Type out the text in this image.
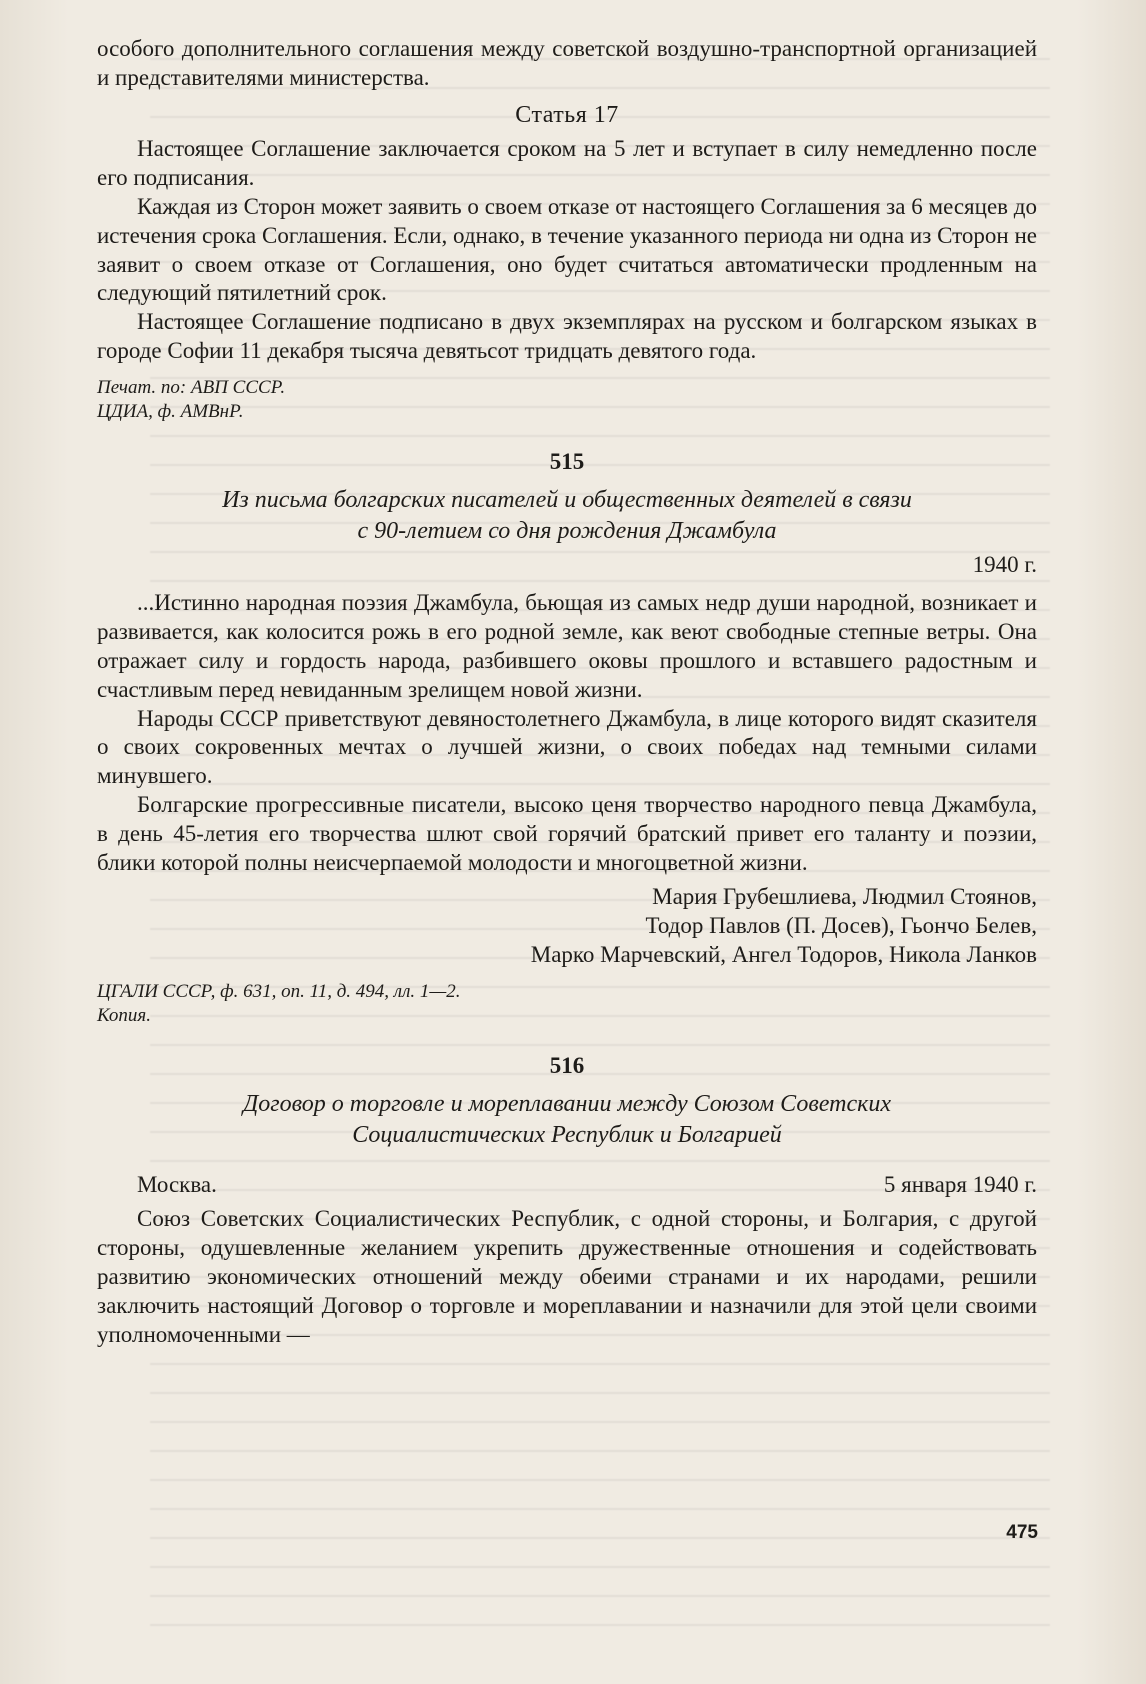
особого дополнительного соглашения между советской воздушно-транспортной организацией и представителями министерства.

Статья 17

Настоящее Соглашение заключается сроком на 5 лет и вступает в силу немедленно после его подписания.

Каждая из Сторон может заявить о своем отказе от настоящего Соглашения за 6 месяцев до истечения срока Соглашения. Если, однако, в течение указанного периода ни одна из Сторон не заявит о своем отказе от Соглашения, оно будет считаться автоматически продленным на следующий пятилетний срок.

Настоящее Соглашение подписано в двух экземплярах на русском и болгарском языках в городе Софии 11 декабря тысяча девятьсот тридцать девятого года.

Печат. по: АВП СССР.
ЦДИА, ф. АМВнР.
515
Из письма болгарских писателей и общественных деятелей в связи
с 90-летием со дня рождения Джамбула
1940 г.

...Истинно народная поэзия Джамбула, бьющая из самых недр души народной, возникает и развивается, как колосится рожь в его родной земле, как веют свободные степные ветры. Она отражает силу и гордость народа, разбившего оковы прошлого и вставшего радостным и счастливым перед невиданным зрелищем новой жизни.

Народы СССР приветствуют девяностолетнего Джамбула, в лице которого видят сказителя о своих сокровенных мечтах о лучшей жизни, о своих победах над темными силами минувшего.

Болгарские прогрессивные писатели, высоко ценя творчество народного певца Джамбула, в день 45-летия его творчества шлют свой горячий братский привет его таланту и поэзии, блики которой полны неисчерпаемой молодости и многоцветной жизни.

Мария Грубешлиева, Людмил Стоянов,
Тодор Павлов (П. Досев), Гьончо Белев,
Марко Марчевский, Ангел Тодоров, Никола Ланков
ЦГАЛИ СССР, ф. 631, оп. 11, д. 494, лл. 1—2.
Копия.
516
Договор о торговле и мореплавании между Союзом Советских
Социалистических Республик и Болгарией
Москва.	5 января 1940 г.

Союз Советских Социалистических Республик, с одной стороны, и Болгария, с другой стороны, одушевленные желанием укрепить дружественные отношения и содействовать развитию экономических отношений между обеими странами и их народами, решили заключить настоящий Договор о торговле и мореплавании и назначили для этой цели своими уполномоченными —

475
